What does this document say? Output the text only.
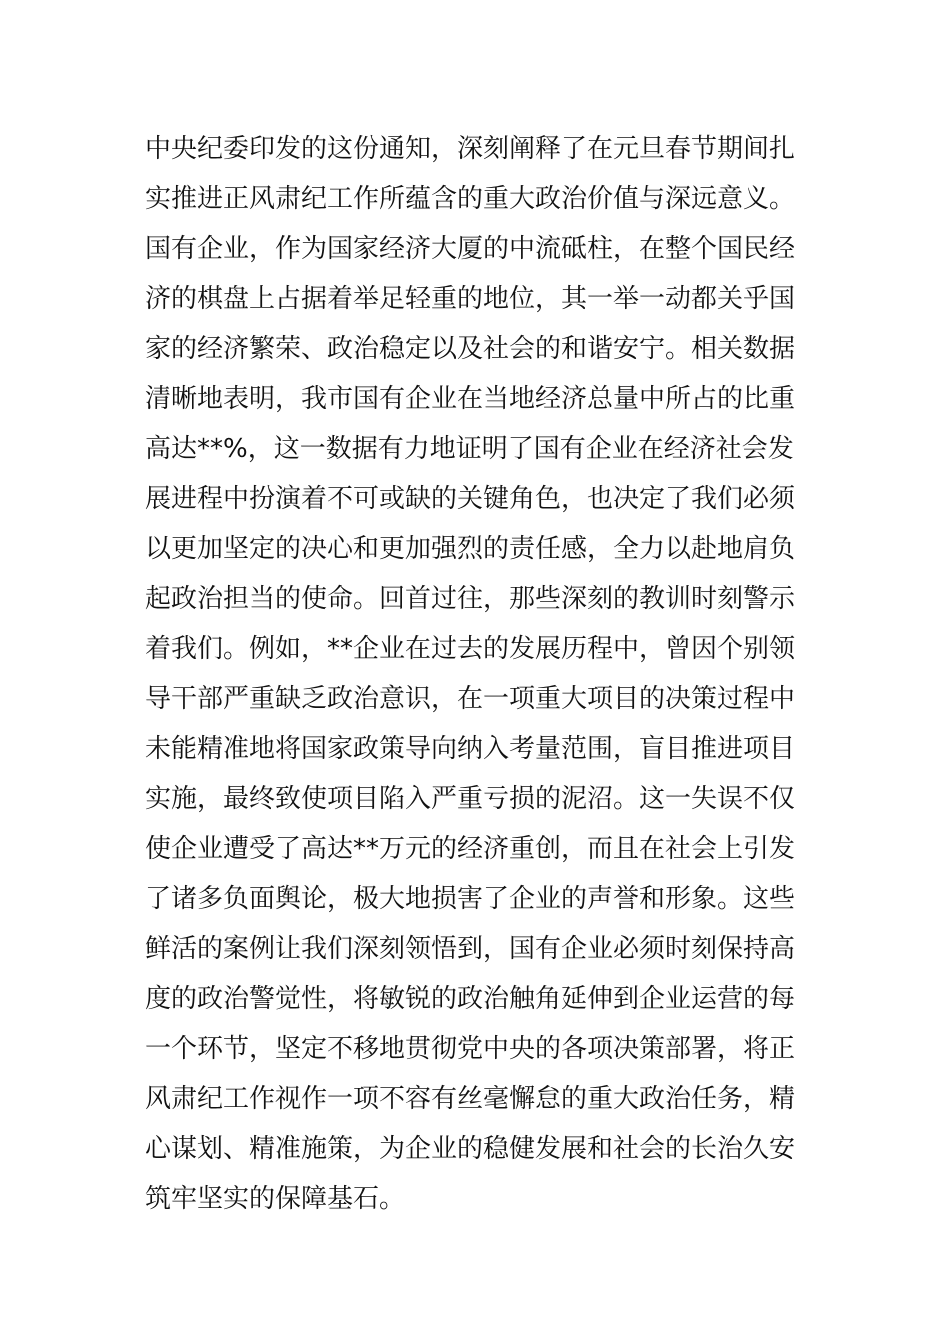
中央纪委印发的这份通知，深刻阐释了在元旦春节期间扎
实推进正风肃纪工作所蕴含的重大政治价值与深远意义。
国有企业，作为国家经济大厦的中流砥柱，在整个国民经
济的棋盘上占据着举足轻重的地位，其一举一动都关乎国
家的经济繁荣、政治稳定以及社会的和谐安宁。相关数据
清晰地表明，我市国有企业在当地经济总量中所占的比重
高达**%，这一数据有力地证明了国有企业在经济社会发
展进程中扮演着不可或缺的关键角色，也决定了我们必须
以更加坚定的决心和更加强烈的责任感，全力以赴地肩负
起政治担当的使命。回首过往，那些深刻的教训时刻警示
着我们。例如，**企业在过去的发展历程中，曾因个别领
导干部严重缺乏政治意识，在一项重大项目的决策过程中
未能精准地将国家政策导向纳入考量范围，盲目推进项目
实施，最终致使项目陷入严重亏损的泥沼。这一失误不仅
使企业遭受了高达**万元的经济重创，而且在社会上引发
了诸多负面舆论，极大地损害了企业的声誉和形象。这些
鲜活的案例让我们深刻领悟到，国有企业必须时刻保持高
度的政治警觉性，将敏锐的政治触角延伸到企业运营的每
一个环节，坚定不移地贯彻党中央的各项决策部署，将正
风肃纪工作视作一项不容有丝毫懈怠的重大政治任务，精
心谋划、精准施策，为企业的稳健发展和社会的长治久安
筑牢坚实的保障基石。
